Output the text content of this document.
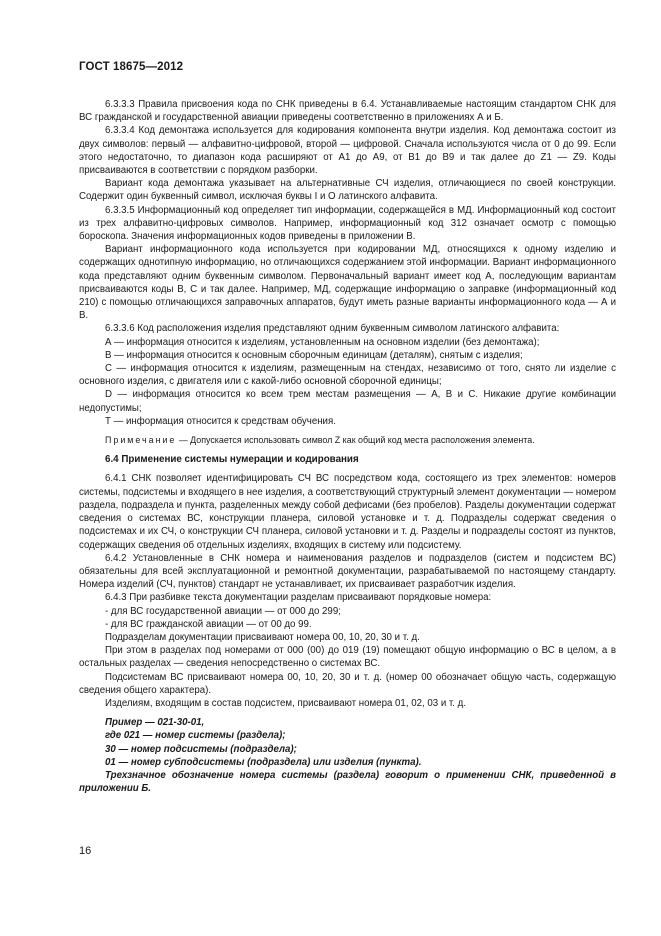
ГОСТ 18675—2012

6.3.3.3 Правила присвоения кода по СНК приведены в 6.4. Устанавливаемые настоящим стандартом СНК для ВС гражданской и государственной авиации приведены соответственно в приложениях А и Б.

6.3.3.4 Код демонтажа используется для кодирования компонента внутри изделия. Код демонтажа состоит из двух символов: первый — алфавитно-цифровой, второй — цифровой. Сначала используются числа от 0 до 99. Если этого недостаточно, то диапазон кода расширяют от А1 до А9, от В1 до В9 и так далее до Z1 — Z9. Коды присваиваются в соответствии с порядком разборки.

Вариант кода демонтажа указывает на альтернативные СЧ изделия, отличающиеся по своей конструкции. Содержит один буквенный символ, исключая буквы I и O латинского алфавита.

6.3.3.5 Информационный код определяет тип информации, содержащейся в МД. Информационный код состоит из трех алфавитно-цифровых символов. Например, информационный код 312 означает осмотр с помощью бороскопа. Значения информационных кодов приведены в приложении В.

Вариант информационного кода используется при кодировании МД, относящихся к одному изделию и содержащих однотипную информацию, но отличающихся содержанием этой информации. Вариант информационного кода представляют одним буквенным символом. Первоначальный вариант имеет код А, последующим вариантам присваиваются коды В, С и так далее. Например, МД, содержащие информацию о заправке (информационный код 210) с помощью отличающихся заправочных аппаратов, будут иметь разные варианты информационного кода — А и В.

6.3.3.6 Код расположения изделия представляют одним буквенным символом латинского алфавита:

А — информация относится к изделиям, установленным на основном изделии (без демонтажа);

В — информация относится к основным сборочным единицам (деталям), снятым с изделия;

С — информация относится к изделиям, размещенным на стендах, независимо от того, снято ли изделие с основного изделия, с двигателя или с какой-либо основной сборочной единицы;

D — информация относится ко всем трем местам размещения — А, В и С. Никакие другие комбинации недопустимы;

Т — информация относится к средствам обучения.

Примечание — Допускается использовать символ Z как общий код места расположения элемента.

6.4 Применение системы нумерации и кодирования

6.4.1 СНК позволяет идентифицировать СЧ ВС посредством кода, состоящего из трех элементов: номеров системы, подсистемы и входящего в нее изделия, а соответствующий структурный элемент документации — номером раздела, подраздела и пункта, разделенных между собой дефисами (без пробелов). Разделы документации содержат сведения о системах ВС, конструкции планера, силовой установке и т. д. Подразделы содержат сведения о подсистемах и их СЧ, о конструкции СЧ планера, силовой установки и т. д. Разделы и подразделы состоят из пунктов, содержащих сведения об отдельных изделиях, входящих в систему или подсистему.

6.4.2 Установленные в СНК номера и наименования разделов и подразделов (систем и подсистем ВС) обязательны для всей эксплуатационной и ремонтной документации, разрабатываемой по настоящему стандарту. Номера изделий (СЧ, пунктов) стандарт не устанавливает, их присваивает разработчик изделия.

6.4.3 При разбивке текста документации разделам присваивают порядковые номера:

- для ВС государственной авиации — от 000 до 299;

- для ВС гражданской авиации — от 00 до 99.

Подразделам документации присваивают номера 00, 10, 20, 30 и т. д.

При этом в разделах под номерами от 000 (00) до 019 (19) помещают общую информацию о ВС в целом, а в остальных разделах — сведения непосредственно о системах ВС.

Подсистемам ВС присваивают номера 00, 10, 20, 30 и т. д. (номер 00 обозначает общую часть, содержащую сведения общего характера).

Изделиям, входящим в состав подсистем, присваивают номера 01, 02, 03 и т. д.

Пример — 021-30-01,

где 021 — номер системы (раздела);

30 — номер подсистемы (подраздела);

01 — номер субподсистемы (подраздела) или изделия (пункта).

Трехзначное обозначение номера системы (раздела) говорит о применении СНК, приведенной в приложении Б.

16
